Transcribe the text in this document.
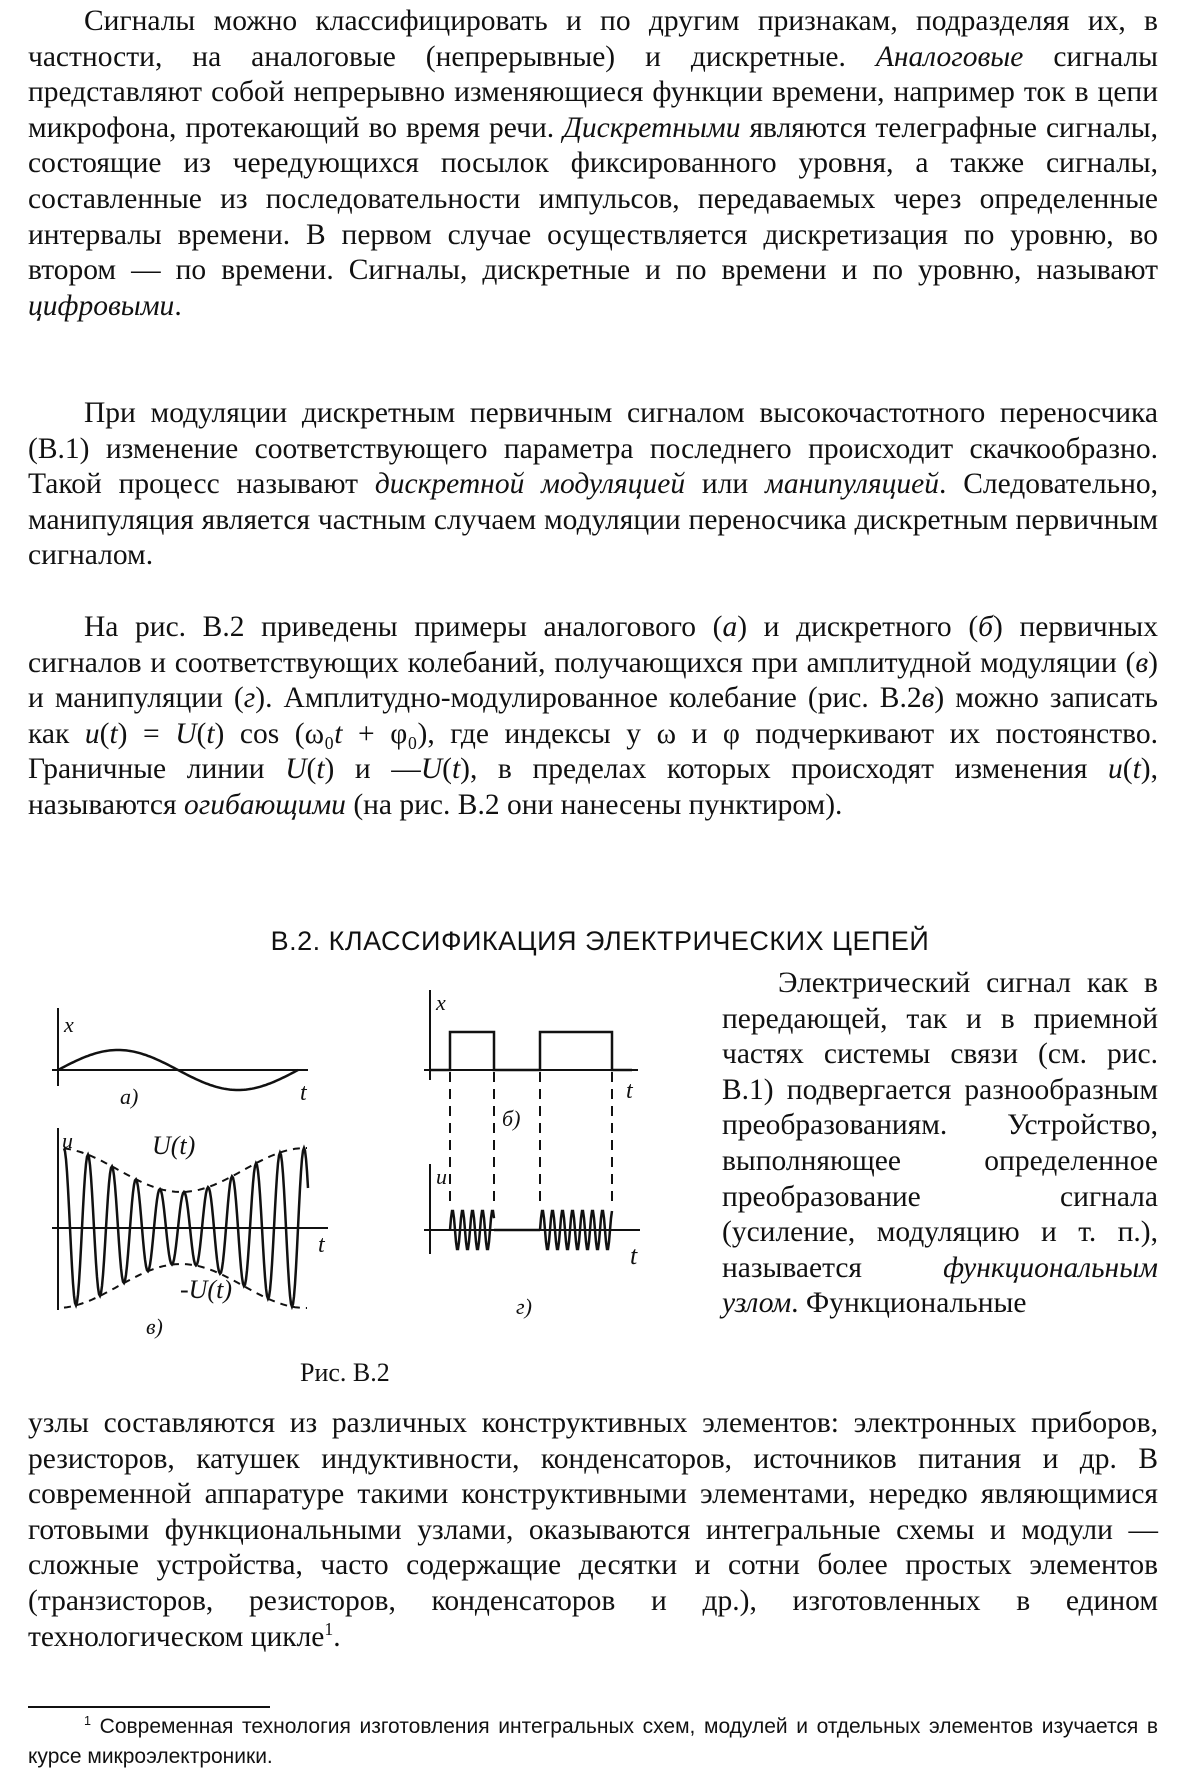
Сигналы можно классифицировать и по другим признакам, подразделяя их, в частности, на аналоговые (непрерывные) и дискретные. Аналоговые сигналы представляют собой непрерывно изменяющиеся функции времени, например ток в цепи микрофона, протекающий во время речи. Дискретными являются телеграфные сигналы, состоящие из чередующихся посылок фиксированного уровня, а также сигналы, составленные из последовательности импульсов, передаваемых через определенные интервалы времени. В первом случае осуществляется дискретизация по уровню, во втором — по времени. Сигналы, дискретные и по времени и по уровню, называют цифровыми.

При модуляции дискретным первичным сигналом высокочастотного переносчика (В.1) изменение соответствующего параметра последнего происходит скачкообразно. Такой процесс называют дискретной модуляцией или манипуляцией. Следовательно, манипуляция является частным случаем модуляции переносчика дискретным первичным сигналом.

На рис. В.2 приведены примеры аналогового (а) и дискретного (б) первичных сигналов и соответствующих колебаний, получающихся при амплитудной модуляции (в) и манипуляции (г). Амплитудно-модулированное колебание (рис. В.2в) можно записать как u(t) = U(t) cos (ω₀t + φ₀), где индексы у ω и φ подчеркивают их постоянство. Граничные линии U(t) и —U(t), в пределах которых происходят изменения u(t), называются огибающими (на рис. В.2 они нанесены пунктиром).

В.2. КЛАССИФИКАЦИЯ ЭЛЕКТРИЧЕСКИХ ЦЕПЕЙ
x
t
а)
u
t
U(t)
-U(t)
в)
x
t
б)
u
t
г)
Рис. В.2

Электрический сигнал как в передающей, так и в приемной частях системы связи (см. рис. В.1) подвергается разнообразным преобразованиям. Устройство, выполняющее определенное преобразование сигнала (усиление, модуляцию и т. п.), называется функциональным узлом. Функциональные

узлы составляются из различных конструктивных элементов: электронных приборов, резисторов, катушек индуктивности, конденсаторов, источников питания и др. В современной аппаратуре такими конструктивными элементами, нередко являющимися готовыми функциональными узлами, оказываются интегральные схемы и модули — сложные устройства, часто содержащие десятки и сотни более простых элементов (транзисторов, резисторов, конденсаторов и др.), изготовленных в едином технологическом цикле$^1$.

$^1$ Современная технология изготовления интегральных схем, модулей и отдельных элементов изучается в курсе микроэлектроники.
